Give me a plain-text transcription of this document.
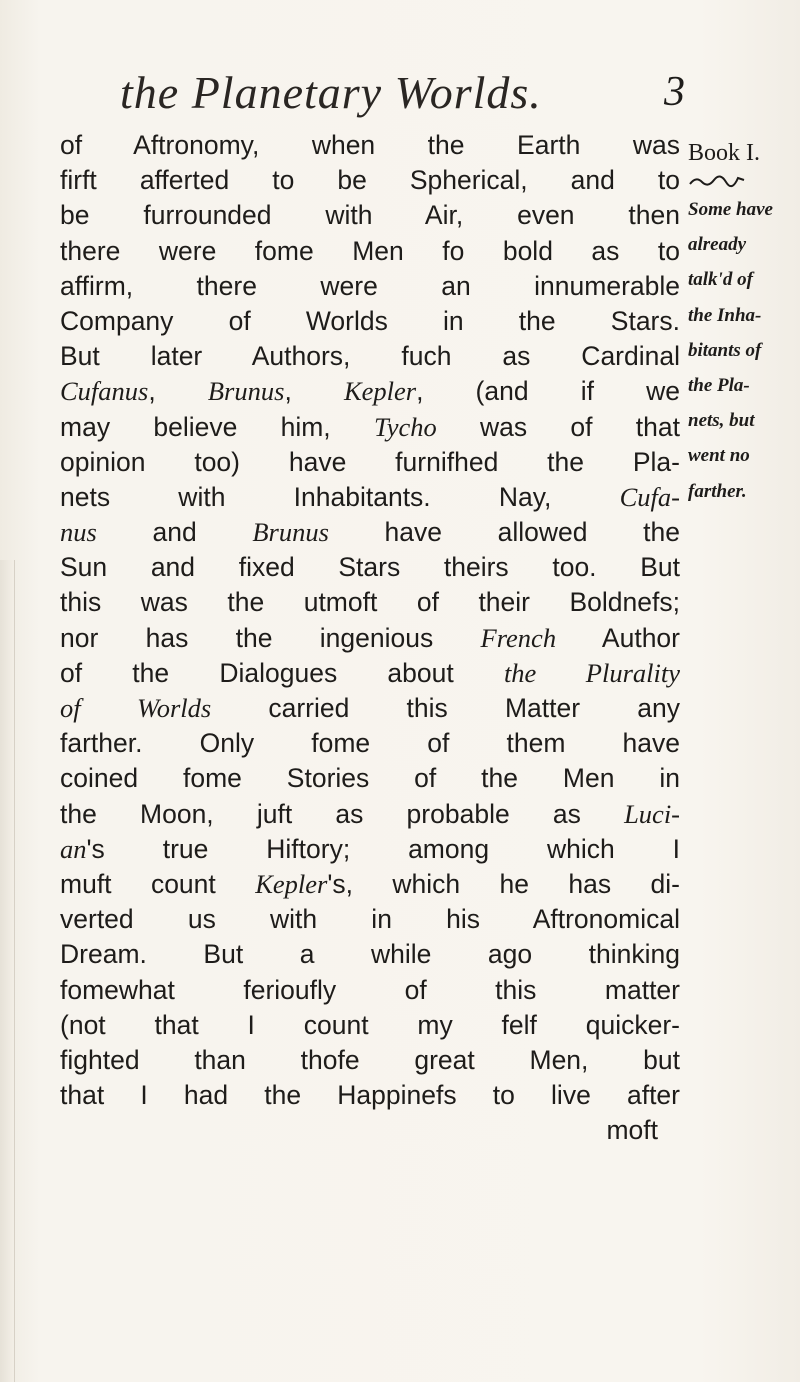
the Planetary Worlds.	3
of Aftronomy, when the Earth was
firft afferted to be Spherical, and to
be furrounded with Air, even then
there were fome Men fo bold as to
affirm, there were an innumerable
Company of Worlds in the Stars.
But later Authors, fuch as Cardinal
Cufanus, Brunus, Kepler, (and if we
may believe him, Tycho was of that
opinion too) have furnifhed the Pla-
nets with Inhabitants. Nay, Cufa-
nus and Brunus have allowed the
Sun and fixed Stars theirs too. But
this was the utmoft of their Boldnefs;
nor has the ingenious French Author
of the Dialogues about the Plurality
of Worlds carried this Matter any
farther. Only fome of them have
coined fome Stories of the Men in
the Moon, juft as probable as Luci-
an's true Hiftory; among which I
muft count Kepler's, which he has di-
verted us with in his Aftronomical
Dream. But a while ago thinking
fomewhat ferioufly of this matter
(not that I count my felf quicker-
fighted than thofe great Men, but
that I had the Happinefs to live after
moft
Book I.
Some have
already
talk'd of
the Inha-
bitants of
the Pla-
nets, but
went no
farther.
